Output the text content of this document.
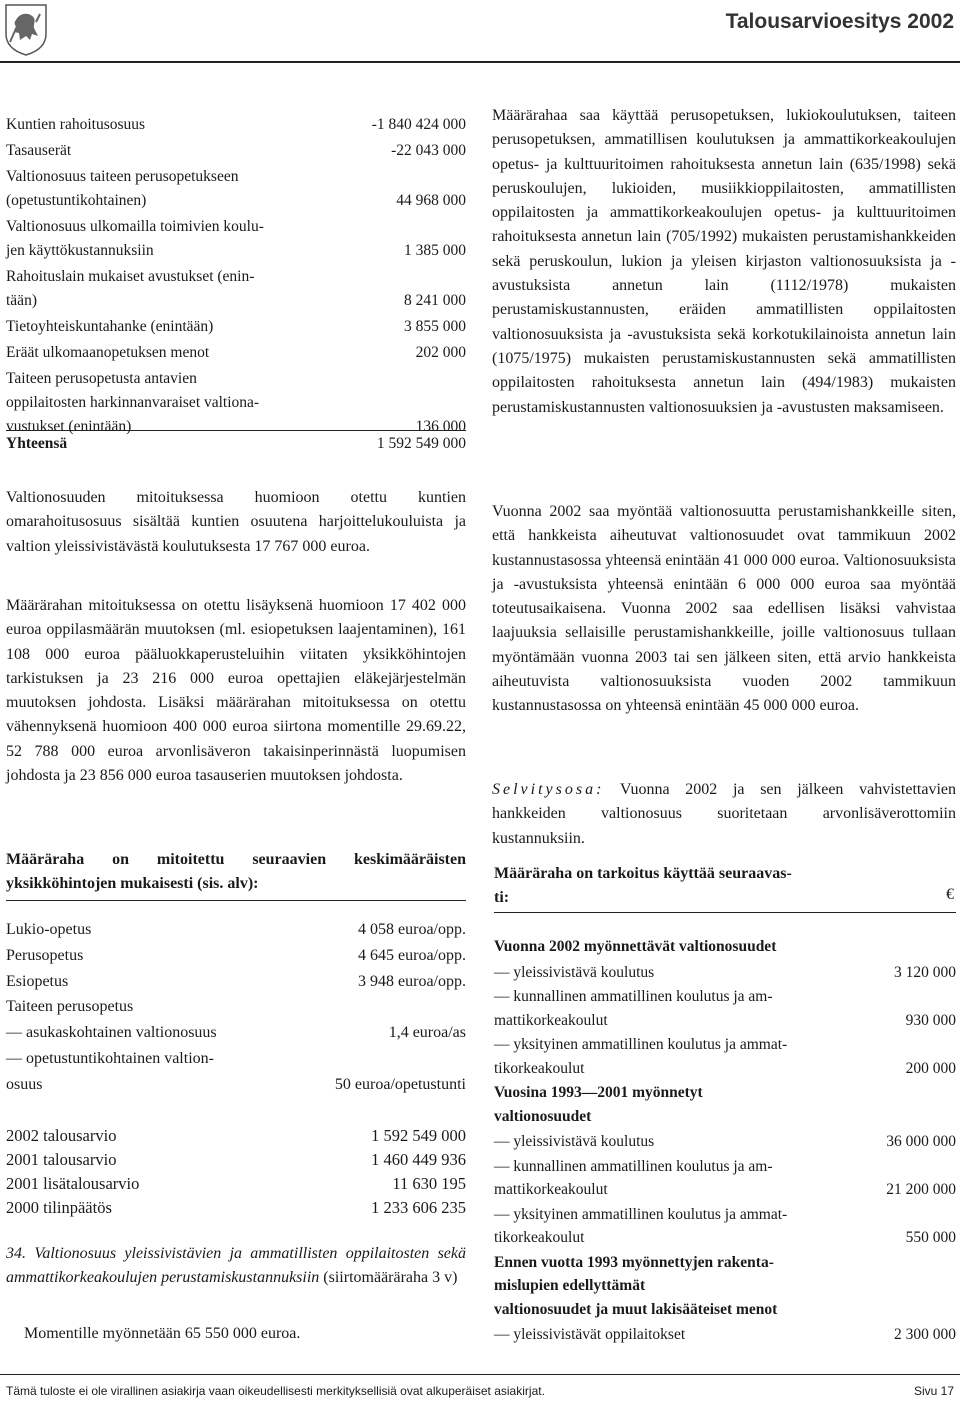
Talousarvioesitys 2002
Kuntien rahoitusosuus	-1 840 424 000
Tasauserät	-22 043 000
Valtionosuus taiteen perusopetukseen
(opetustuntikohtainen)	44 968 000
Valtionosuus ulkomailla toimivien koulu-
jen käyttökustannuksiin	1 385 000
Rahoituslain mukaiset avustukset (enin-
tään)	8 241 000
Tietoyhteiskuntahanke (enintään)	3 855 000
Eräät ulkomaanopetuksen menot	202 000
Taiteen perusopetusta antavien
oppilaitosten harkinnanvaraiset valtiona-
vustukset (enintään)	136 000
Yhteensä	1 592 549 000
Valtionosuuden mitoituksessa huomioon otettu kuntien omarahoitusosuus sisältää kuntien osuutena harjoittelukouluista ja valtion yleissivistävästä koulutuksesta 17 767 000 euroa.
Määrärahan mitoituksessa on otettu lisäyksenä huomioon 17 402 000 euroa oppilasmäärän muutoksen (ml. esiopetuksen laajentaminen), 161 108 000 euroa pääluokkaperusteluihin viitaten yksikköhintojen tarkistuksen ja 23 216 000 euroa opettajien eläkejärjestelmän muutoksen johdosta. Lisäksi määrärahan mitoituksessa on otettu vähennyksenä huomioon 400 000 euroa siirtona momentille 29.69.22, 52 788 000 euroa arvonlisäveron takaisinperinnästä luopumisen johdosta ja 23 856 000 euroa tasauserien muutoksen johdosta.
Määräraha on mitoitettu seuraavien keskimääräisten yksikköhintojen mukaisesti (sis. alv):
Lukio-opetus	4 058 euroa/opp.
Perusopetus	4 645 euroa/opp.
Esiopetus	3 948 euroa/opp.
Taiteen perusopetus
— asukaskohtainen valtionosuus	1,4 euroa/as
— opetustuntikohtainen valtion-
osuus	50 euroa/opetustunti
2002 talousarvio	1 592 549 000
2001 talousarvio	1 460 449 936
2001 lisätalousarvio	11 630 195
2000 tilinpäätös	1 233 606 235
34. Valtionosuus yleissivistävien ja ammatillisten oppilaitosten sekä ammattikorkeakoulujen perustamiskustannuksiin (siirtomääräraha 3 v)
Momentille myönnetään 65 550 000 euroa.
Määrärahaa saa käyttää perusopetuksen, lukiokoulutuksen, taiteen perusopetuksen, ammatillisen koulutuksen ja ammattikorkeakoulujen opetus- ja kulttuuritoimen rahoituksesta annetun lain (635/1998) sekä peruskoulujen, lukioiden, musiikkioppilaitosten, ammatillisten oppilaitosten ja ammattikorkeakoulujen opetus- ja kulttuuritoimen rahoituksesta annetun lain (705/1992) mukaisten perustamishankkeiden sekä peruskoulun, lukion ja yleisen kirjaston valtionosuuksista ja -avustuksista annetun lain (1112/1978) mukaisten perustamiskustannusten, eräiden ammatillisten oppilaitosten valtionosuuksista ja -avustuksista sekä korkotukilainoista annetun lain (1075/1975) mukaisten perustamiskustannusten sekä ammatillisten oppilaitosten rahoituksesta annetun lain (494/1983) mukaisten perustamiskustannusten valtionosuuksien ja -avustusten maksamiseen.
Vuonna 2002 saa myöntää valtionosuutta perustamishankkeille siten, että hankkeista aiheutuvat valtionosuudet ovat tammikuun 2002 kustannustasossa yhteensä enintään 41 000 000 euroa. Valtionosuuksista ja -avustuksista yhteensä enintään 6 000 000 euroa saa myöntää toteutusaikaisena. Vuonna 2002 saa edellisen lisäksi vahvistaa laajuuksia sellaisille perustamishankkeille, joille valtionosuus tullaan myöntämään vuonna 2003 tai sen jälkeen siten, että arvio hankkeista aiheutuvista valtionosuuksista vuoden 2002 tammikuun kustannustasossa on yhteensä enintään 45 000 000 euroa.
Selvitysosa: Vuonna 2002 ja sen jälkeen vahvistettavien hankkeiden valtionosuus suoritetaan arvonlisäverottomiin kustannuksiin.
Määräraha on tarkoitus käyttää seuraavas-
ti:	€
Vuonna 2002 myönnettävät valtionosuudet
— yleissivistävä koulutus	3 120 000
— kunnallinen ammatillinen koulutus ja am-
mattikorkeakoulut	930 000
— yksityinen ammatillinen koulutus ja ammat-
tikorkeakoulut	200 000
Vuosina 1993—2001 myönnetyt
valtionosuudet
— yleissivistävä koulutus	36 000 000
— kunnallinen ammatillinen koulutus ja am-
mattikorkeakoulut	21 200 000
— yksityinen ammatillinen koulutus ja ammat-
tikorkeakoulut	550 000
Ennen vuotta 1993 myönnettyjen rakenta-
mislupien edellyttämät
valtionosuudet ja muut lakisääteiset menot
— yleissivistävät oppilaitokset	2 300 000
Tämä tuloste ei ole virallinen asiakirja vaan oikeudellisesti merkityksellisiä ovat alkuperäiset asiakirjat.	Sivu 17
